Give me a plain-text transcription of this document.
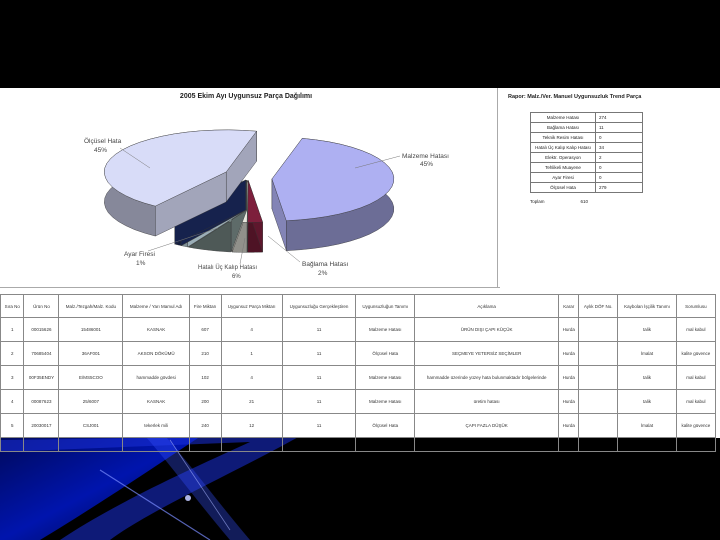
2005 Ekim Ayı Uygunsuz Parça Dağılımı
Malzeme Hatası
45%
Ölçüsel Hata
45%
Ayar Firesi
1%
Hatalı Üç Kalıp Hatası
6%
Bağlama Hatası
2%
Rapor: Malz./Ver. Manuel Uygunsuzluk Trend Parça
Malzeme Hatası	274
Bağlama Hatası	11
Teknik Resim Hatası	0
Hatalı Üç Kalıp Kalıp Hatası	34
Elektr. Operasyon	2
Tehlikeli Muayene	0
Ayar Firesi	0
Ölçüsel Hata	279
Toplam	610
Sıra No	Ürün No	Malz./Tezgah/Malz. Kodu	Malzeme / Yarı Mamul Adı	Fire Miktarı	Uygunsuz Parça Miktarı	Uygunsuzluğu Gerçekleştiren	Uygunsuzluğun Tanımı	Açıklama	Karar	Aylık DÖF No.	Kaybolan İşçilik Tanımı	Sorumlusu
1	00015626	15486001	KASNAK	607	4	11	Malzeme Hatası	ÜRÜN DIŞI ÇAPI KÜÇÜK	Hurda		talik	mal kabul
2	70685404	36AF001	AKSON DÖKÜMÜ	210	1	11	Ölçüsel Hata	SEÇMEYE YETERSİZ SEÇİMLER	Hurda		İmalat	kalite güvence
3	00F35ENDY	E/MS5COO	hammadde gövdesi	102	4	11	Malzeme Hatası	hammadde üzerinde yüzey hata bulunmaktadır bölgelerinde	Hurda		talik	mal kabul
4	00087623	25/6007	KASNAK	200	21	11	Malzeme Hatası	üretim hatası	Hurda		talik	mal kabul
5	20030017	CSJ001	tekerlek mili	240	12	11	Ölçüsel Hata	ÇAPI FAZLA DÜŞÜK	Hurda		İmalat	kalite güvence
